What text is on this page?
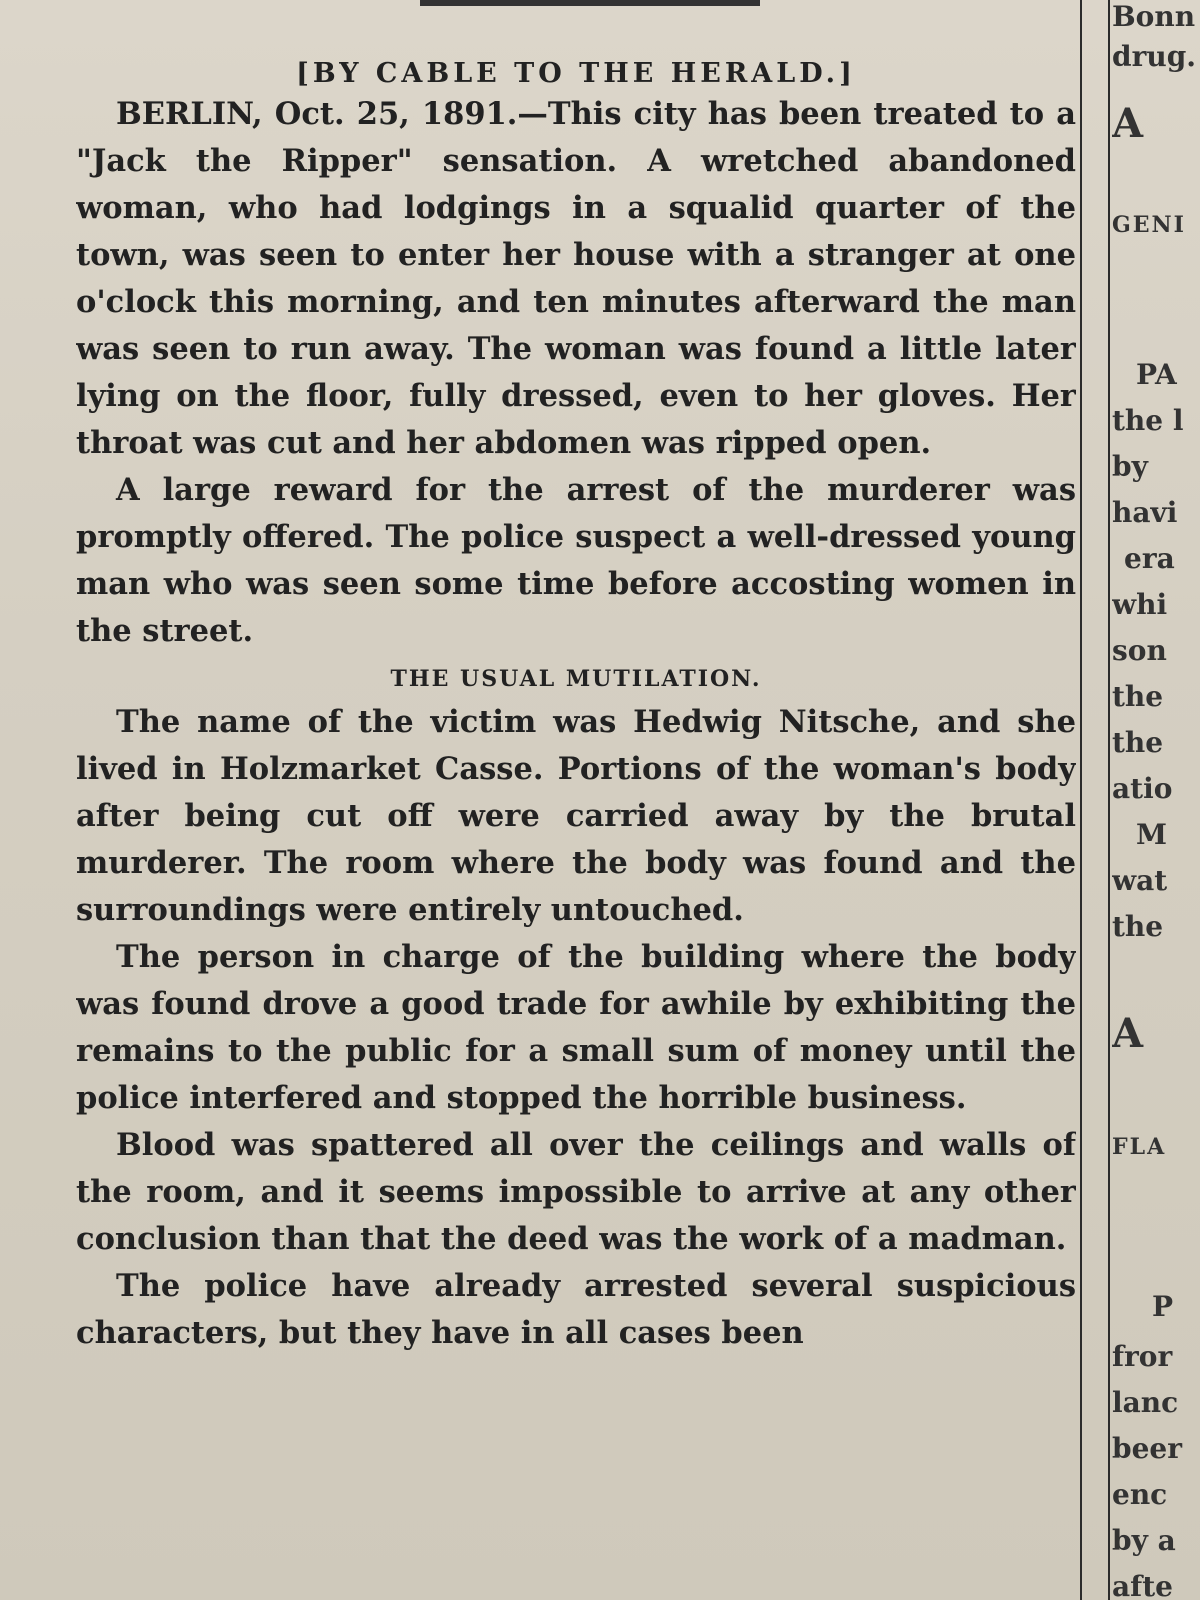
[BY CABLE TO THE HERALD.]

BERLIN, Oct. 25, 1891.—This city has been treated to a "Jack the Ripper" sensation. A wretched abandoned woman, who had lodgings in a squalid quarter of the town, was seen to enter her house with a stranger at one o'clock this morning, and ten minutes afterward the man was seen to run away. The woman was found a little later lying on the floor, fully dressed, even to her gloves. Her throat was cut and her abdomen was ripped open.

A large reward for the arrest of the murderer was promptly offered. The police suspect a well-dressed young man who was seen some time before accosting women in the street.

THE USUAL MUTILATION.

The name of the victim was Hedwig Nitsche, and she lived in Holzmarket Casse. Portions of the woman's body after being cut off were carried away by the brutal murderer. The room where the body was found and the surroundings were entirely untouched.

The person in charge of the building where the body was found drove a good trade for awhile by exhibiting the remains to the public for a small sum of money until the police interfered and stopped the horrible business.

Blood was spattered all over the ceilings and walls of the room, and it seems impossible to arrive at any other conclusion than that the deed was the work of a madman.

The police have already arrested several suspicious characters, but they have in all cases been

Bonn
drug.
A
GENI
PA
the l
by
havi
era
whi
son
the
the
atio
M
wat
the
A
FLA
P
fror
lanc
beer
enc
by a
afte
